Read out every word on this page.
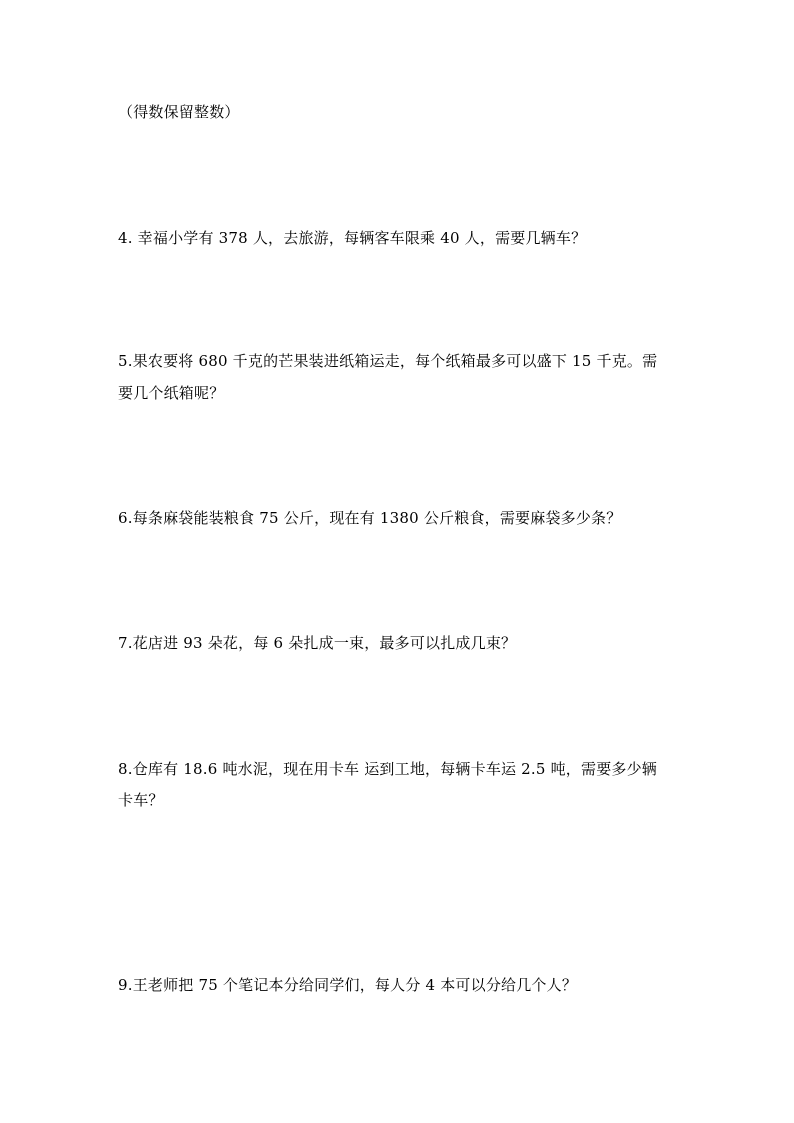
（得数保留整数）
4. 幸福小学有 378 人，去旅游，每辆客车限乘 40 人，需要几辆车？
5.果农要将 680 千克的芒果装进纸箱运走，每个纸箱最多可以盛下 15 千克。需
要几个纸箱呢？
6.每条麻袋能装粮食 75 公斤，现在有 1380 公斤粮食，需要麻袋多少条？
7.花店进 93 朵花，每 6 朵扎成一束，最多可以扎成几束？
8.仓库有 18.6 吨水泥，现在用卡车 运到工地，每辆卡车运 2.5 吨，需要多少辆
卡车？
9.王老师把 75 个笔记本分给同学们，每人分 4 本可以分给几个人？
